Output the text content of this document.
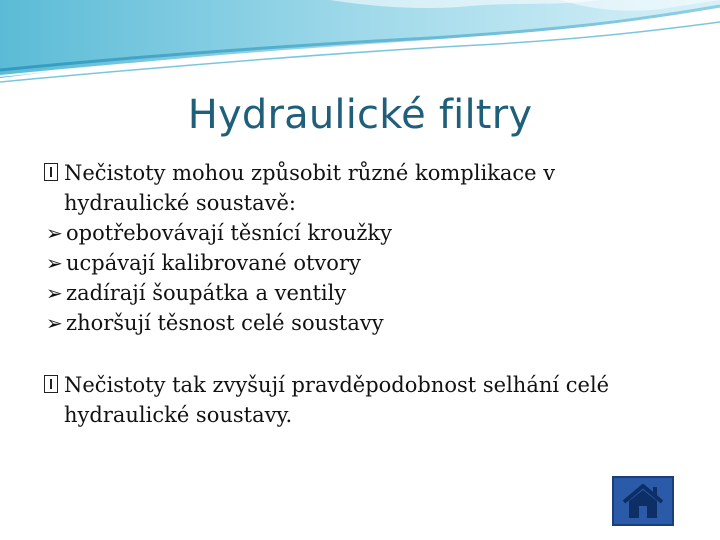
Hydraulické filtry
Nečistoty mohou způsobit různé komplikace v hydraulické soustavě:
➢ opotřebovávají těsnící kroužky
➢ ucpávají kalibrované otvory
➢ zadírají šoupátka a ventily
➢ zhoršují těsnost celé soustavy
Nečistoty tak zvyšují pravděpodobnost selhání celé hydraulické soustavy.
